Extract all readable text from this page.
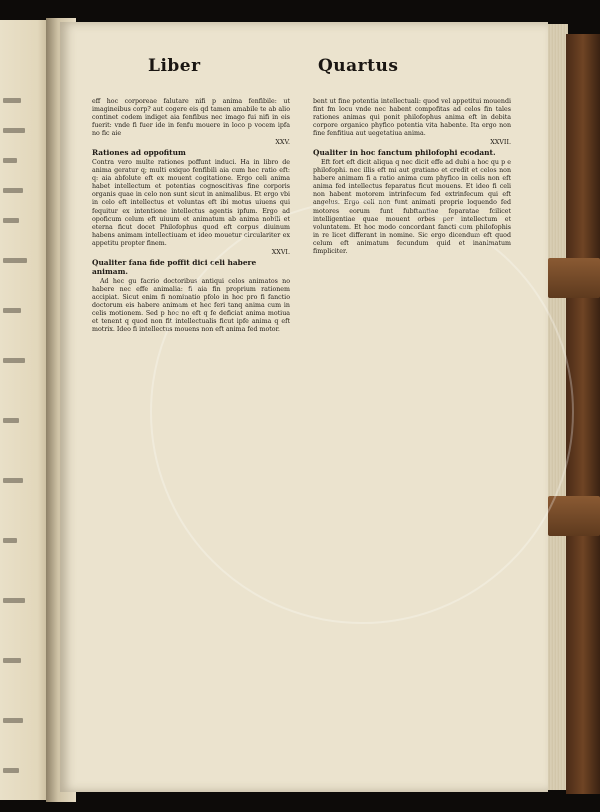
Liber	Quartus

eff hoc corporeae falutare nifi p anima fenfibile: ut imagineibus corp? aut cogere eis qd tamen amabile te ab alio continet codem indiget aia fenfibus nec imago fui nifi in eis fuerit: vnde fi fuer ide in fenfu mouere in loco p vocem ipfa no fic aie

XXV.

Rationes ad oppofitum

Contra vero multe rationes poffunt induci. Ha in libro de anima geratur q; multi exiquo fenfibili aia cum hec ratio eft: q: aia abfolute eft ex mouent cogitatione. Ergo celi anima habet intellectum et potentias cognoscitivas fine corporis organis quae in celo non sunt sicut in animalibus. Et ergo vbi in celo eft intellectus et voluntas eft ibi motus uiuens qui fequitur ex intentione intellectus agentis ipfum. Ergo ad opoficum celum eft uiuum et animatum ab anima nobili et eterna ficut docet Philofophus quod eft corpus diuinum habens animam intellectiuam et ideo mouetur circulariter ex appetitu propter finem.

XXVI.

Qualiter fana fide poffit dici celi habere animam.

Ad hec gu facrio doctoribus antiqui celos animatos no habere nec effe animalia: fi aia fin proprium rationem accipiat. Sicut enim fi nominatio pfolo in hoc pro fi fanctio doctorum eis habere animam et hec feri tanq anima cum in celis motionem. Sed p hoc no eft q fe deficiat anima motiua et tenent q quod non fit intellectualis ficut ipfe anima q eft motrix. Ideo fi intellectus mouens non eft anima fed motor.

bent ut fine potentia intellectuali: quod vel appetitui mouendi fint fm locu vnde nec habent compofitas ad celos fin tales rationes animas qui ponit philofophus anima eft in debita corpore organico phyfico potentia vita habente. Ita ergo non fine fenfitiua aut uegetatiua anima.

XXVII.

Qualiter in hoc fanctum philofophi ecodant.

Eft fort eft dicit aliqua q nec dicit effe ad dubi a hoc qu p e philofophi. nec illis eft mi aut gratiano et credit et celos non habere animam fi a ratio anima cum phyfico in celis non eft anima fed intellectus feparatus ficut mouens. Et ideo fi celi non habent motorem intrinfecum fed extrinfecum qui eft angelus. Ergo celi non funt animati proprie loquendo fed motores eorum funt fubftantiae feparatae fcilicet intelligentiae quae mouent orbes per intellectum et voluntatem. Et hoc modo concordant fancti cum philofophis in re licet differant in nomine. Sic ergo dicendum eft quod celum eft animatum fecundum quid et inanimatum fimpliciter.
